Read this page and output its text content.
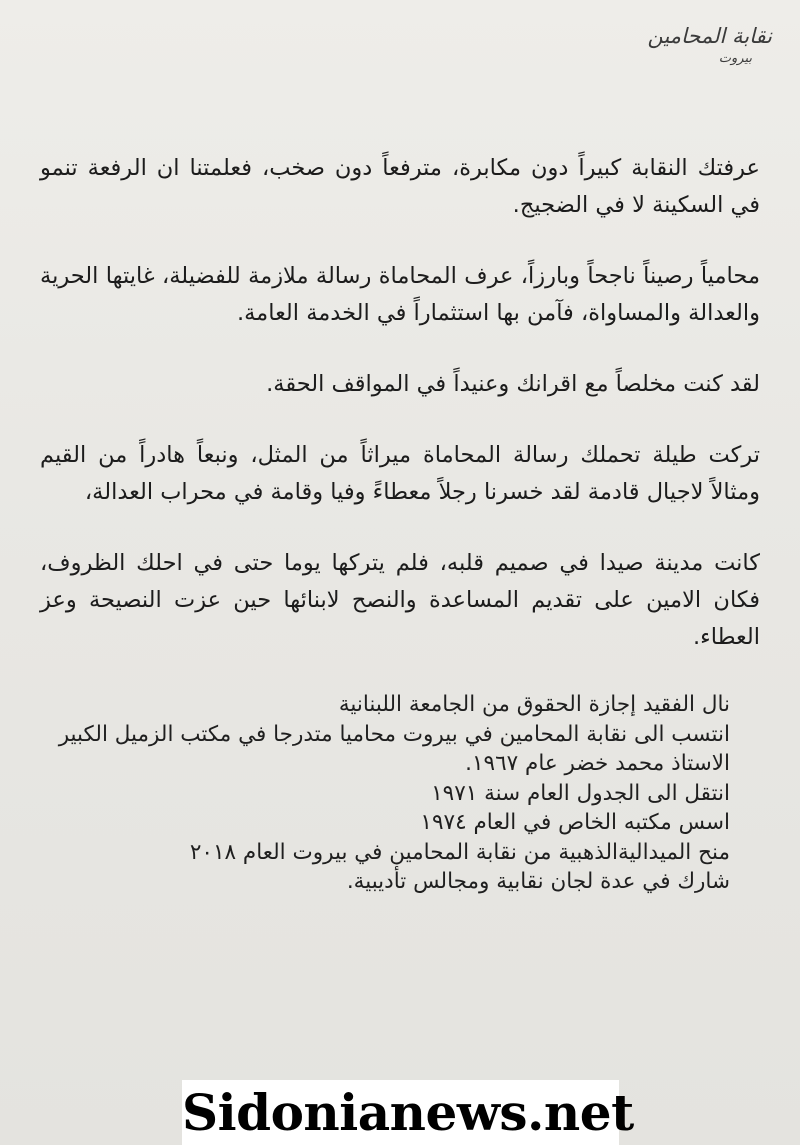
نقابة المحامين
بيروت

عرفتك النقابة كبيراً دون مكابرة، مترفعاً دون صخب، فعلمتنا ان الرفعة تنمو في السكينة لا في الضجيج.

محامياً رصيناً ناجحاً وبارزاً، عرف المحاماة رسالة ملازمة للفضيلة، غايتها الحرية والعدالة والمساواة، فآمن بها استثماراً في الخدمة العامة.

لقد كنت مخلصاً مع اقرانك وعنيداً في المواقف الحقة.

تركت طيلة تحملك رسالة المحاماة ميراثاً من المثل، ونبعاً هادراً من القيم ومثالاً لاجيال قادمة لقد خسرنا رجلاً معطاءً وفيا وقامة في محراب العدالة،

كانت مدينة صيدا في صميم قلبه، فلم يتركها يوما حتى في احلك الظروف، فكان الامين على تقديم المساعدة والنصح لابنائها حين عزت النصيحة وعز العطاء.

نال الفقيد إجازة الحقوق من الجامعة اللبنانية
انتسب الى نقابة المحامين في بيروت محاميا متدرجا في مكتب الزميل الكبير الاستاذ محمد خضر عام ١٩٦٧.
انتقل الى الجدول العام سنة ١٩٧١
اسس مكتبه الخاص في العام ١٩٧٤
منح الميداليةالذهبية من نقابة المحامين في بيروت العام ٢٠١٨
شارك في عدة لجان نقابية ومجالس تأديبية.
Sidonianews.net
